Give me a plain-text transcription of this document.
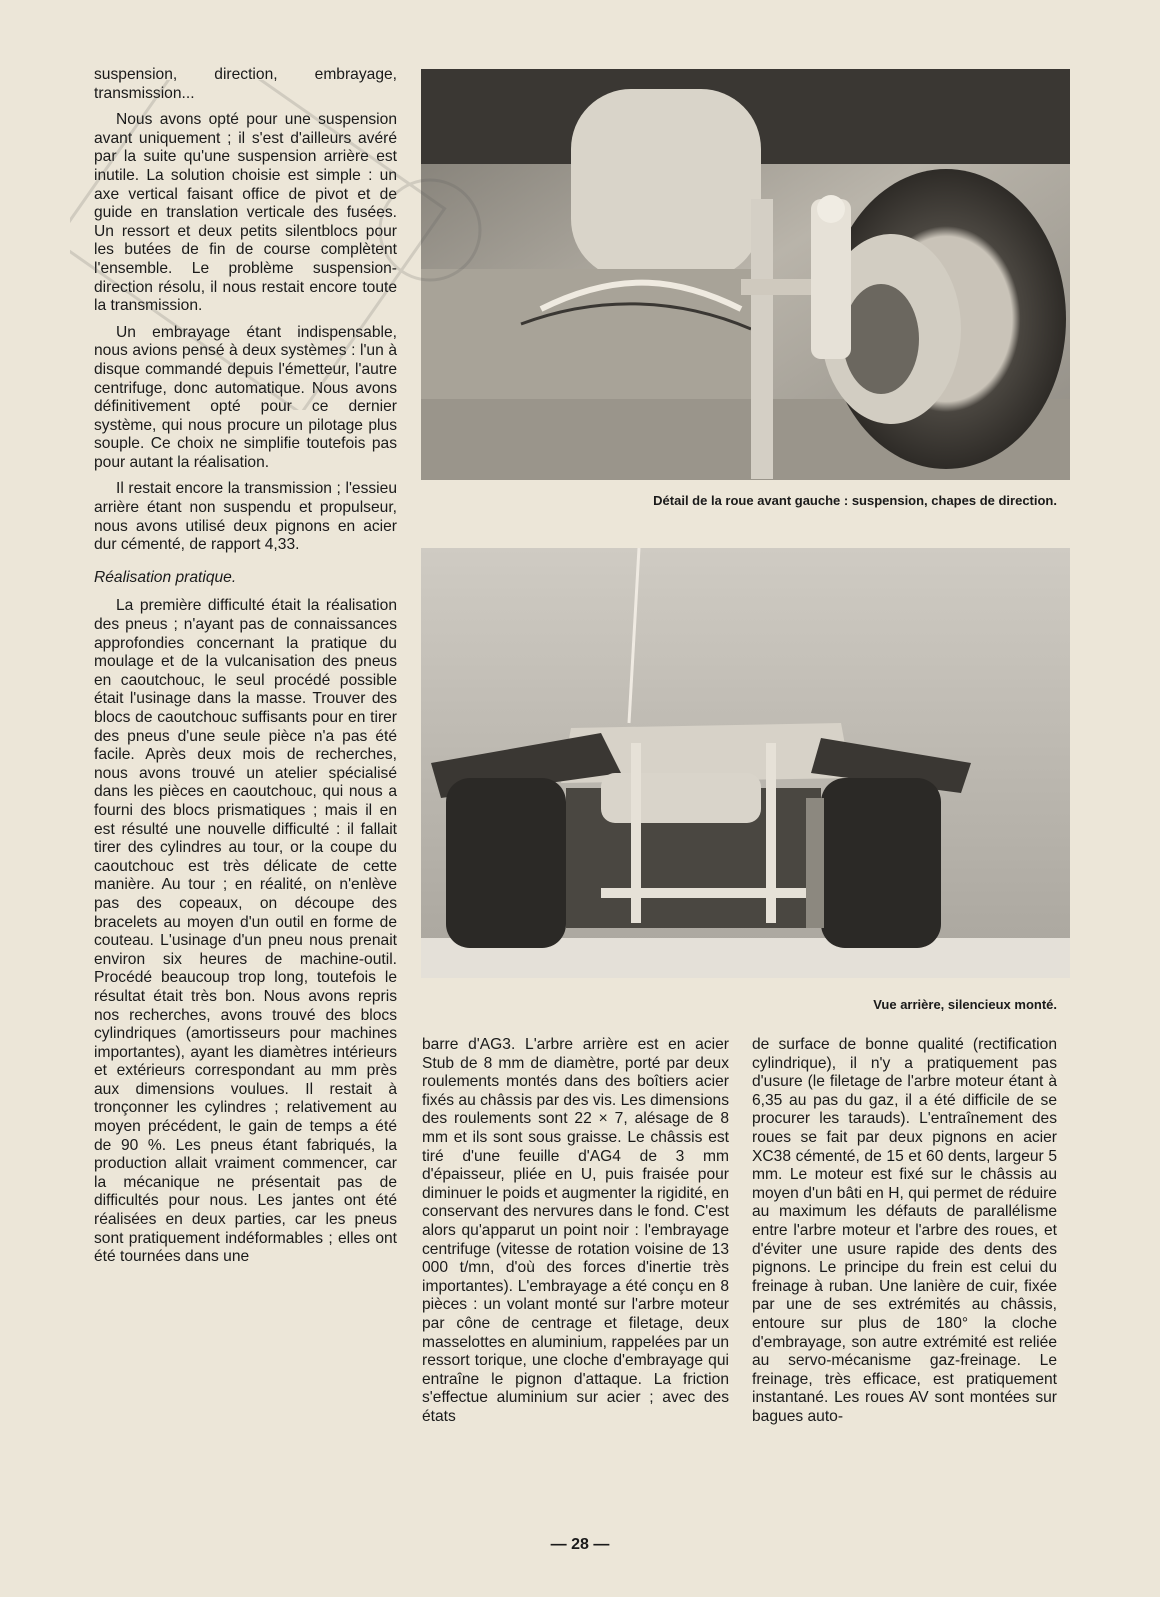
suspension, direction, embrayage, transmission...

Nous avons opté pour une suspension avant uniquement ; il s'est d'ailleurs avéré par la suite qu'une suspension arrière est inutile. La solution choisie est simple : un axe vertical faisant office de pivot et de guide en translation verticale des fusées. Un ressort et deux petits silentblocs pour les butées de fin de course complètent l'ensemble. Le problème suspension-direction résolu, il nous restait encore toute la transmission.

Un embrayage étant indispensable, nous avions pensé à deux systèmes : l'un à disque commandé depuis l'émetteur, l'autre centrifuge, donc automatique. Nous avons définitivement opté pour ce dernier système, qui nous procure un pilotage plus souple. Ce choix ne simplifie toutefois pas pour autant la réalisation.

Il restait encore la transmission ; l'essieu arrière étant non suspendu et propulseur, nous avons utilisé deux pignons en acier dur cémenté, de rapport 4,33.

Réalisation pratique.

La première difficulté était la réalisation des pneus ; n'ayant pas de connaissances approfondies concernant la pratique du moulage et de la vulcanisation des pneus en caoutchouc, le seul procédé possible était l'usinage dans la masse. Trouver des blocs de caoutchouc suffisants pour en tirer des pneus d'une seule pièce n'a pas été facile. Après deux mois de recherches, nous avons trouvé un atelier spécialisé dans les pièces en caoutchouc, qui nous a fourni des blocs prismatiques ; mais il en est résulté une nouvelle difficulté : il fallait tirer des cylindres au tour, or la coupe du caoutchouc est très délicate de cette manière. Au tour ; en réalité, on n'enlève pas des copeaux, on découpe des bracelets au moyen d'un outil en forme de couteau. L'usinage d'un pneu nous prenait environ six heures de machine-outil. Procédé beaucoup trop long, toutefois le résultat était très bon. Nous avons repris nos recherches, avons trouvé des blocs cylindriques (amortisseurs pour machines importantes), ayant les diamètres intérieurs et extérieurs correspondant au mm près aux dimensions voulues. Il restait à tronçonner les cylindres ; relativement au moyen précédent, le gain de temps a été de 90 %. Les pneus étant fabriqués, la production allait vraiment commencer, car la mécanique ne présentait pas de difficultés pour nous. Les jantes ont été réalisées en deux parties, car les pneus sont pratiquement indéformables ; elles ont été tournées dans une

Détail de la roue avant gauche : suspension, chapes de direction.
Vue arrière, silencieux monté.

barre d'AG3. L'arbre arrière est en acier Stub de 8 mm de diamètre, porté par deux roulements montés dans des boîtiers acier fixés au châssis par des vis. Les dimensions des roulements sont 22 × 7, alésage de 8 mm et ils sont sous graisse. Le châssis est tiré d'une feuille d'AG4 de 3 mm d'épaisseur, pliée en U, puis fraisée pour diminuer le poids et augmenter la rigidité, en conservant des nervures dans le fond. C'est alors qu'apparut un point noir : l'embrayage centrifuge (vitesse de rotation voisine de 13 000 t/mn, d'où des forces d'inertie très importantes). L'embrayage a été conçu en 8 pièces : un volant monté sur l'arbre moteur par cône de centrage et filetage, deux masselottes en aluminium, rappelées par un ressort torique, une cloche d'embrayage qui entraîne le pignon d'attaque. La friction s'effectue aluminium sur acier ; avec des états

de surface de bonne qualité (rectification cylindrique), il n'y a pratiquement pas d'usure (le filetage de l'arbre moteur étant à 6,35 au pas du gaz, il a été difficile de se procurer les tarauds). L'entraînement des roues se fait par deux pignons en acier XC38 cémenté, de 15 et 60 dents, largeur 5 mm. Le moteur est fixé sur le châssis au moyen d'un bâti en H, qui permet de réduire au maximum les défauts de parallélisme entre l'arbre moteur et l'arbre des roues, et d'éviter une usure rapide des dents des pignons. Le principe du frein est celui du freinage à ruban. Une lanière de cuir, fixée par une de ses extrémités au châssis, entoure sur plus de 180° la cloche d'embrayage, son autre extrémité est reliée au servo-mécanisme gaz-freinage. Le freinage, très efficace, est pratiquement instantané. Les roues AV sont montées sur bagues auto-

— 28 —
